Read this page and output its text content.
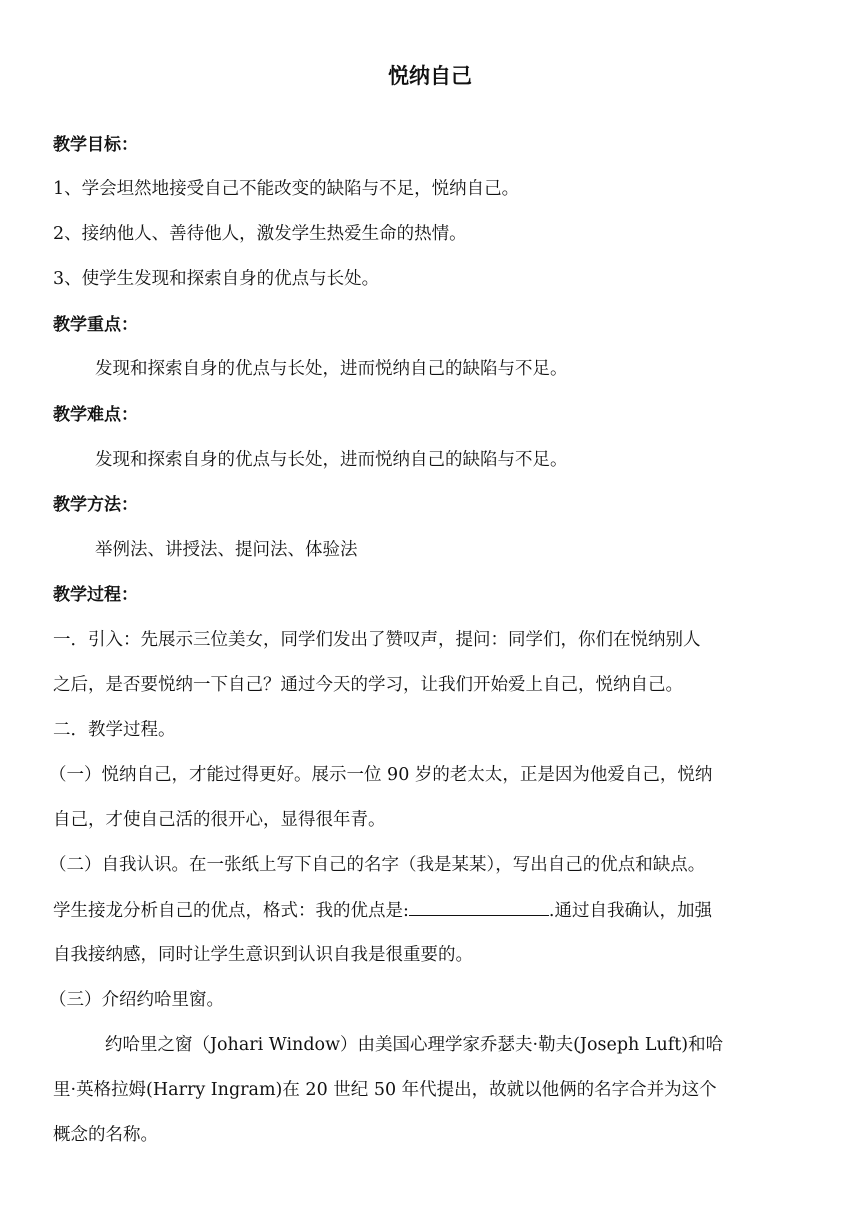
悦纳自己
教学目标：
1、学会坦然地接受自己不能改变的缺陷与不足，悦纳自己。
2、接纳他人、善待他人，激发学生热爱生命的热情。
3、使学生发现和探索自身的优点与长处。
教学重点：
发现和探索自身的优点与长处，进而悦纳自己的缺陷与不足。
教学难点：
发现和探索自身的优点与长处，进而悦纳自己的缺陷与不足。
教学方法：
举例法、讲授法、提问法、体验法
教学过程：
一．引入：先展示三位美女，同学们发出了赞叹声，提问：同学们，你们在悦纳别人
之后，是否要悦纳一下自己？通过今天的学习，让我们开始爱上自己，悦纳自己。
二．教学过程。
（一）悦纳自己，才能过得更好。展示一位 90 岁的老太太，正是因为他爱自己，悦纳
自己，才使自己活的很开心，显得很年青。
（二）自我认识。在一张纸上写下自己的名字（我是某某），写出自己的优点和缺点。
学生接龙分析自己的优点，格式：我的优点是:	.通过自我确认，加强
自我接纳感，同时让学生意识到认识自我是很重要的。
（三）介绍约哈里窗。
约哈里之窗（Johari Window）由美国心理学家乔瑟夫·勒夫(Joseph Luft)和哈
里·英格拉姆(Harry Ingram)在 20 世纪 50 年代提出，故就以他俩的名字合并为这个
概念的名称。
